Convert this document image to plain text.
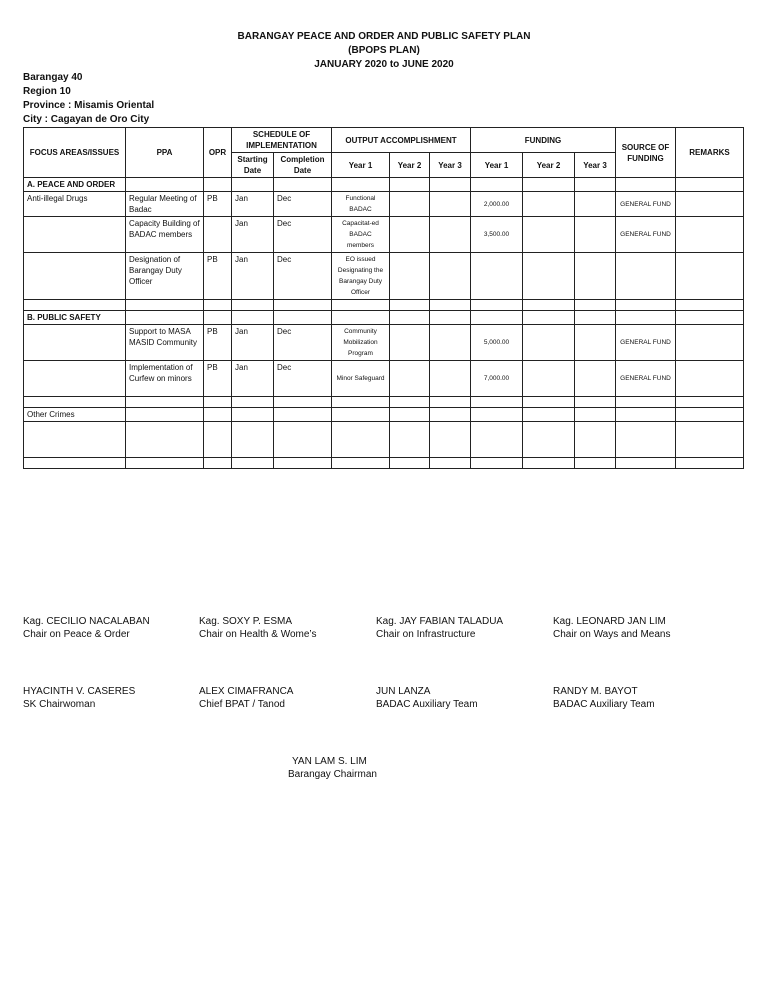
BARANGAY PEACE AND ORDER AND PUBLIC SAFETY PLAN
(BPOPS PLAN)
JANUARY 2020 to JUNE 2020
Barangay 40
Region 10
Province : Misamis Oriental
City : Cagayan de Oro City
FOCUS AREAS/ISSUES	PPA	OPR	SCHEDULE OF IMPLEMENTATION		OUTPUT ACCOMPLISHMENT			FUNDING			SOURCE OF FUNDING	REMARKS
			Starting Date	Completion Date	Year 1	Year 2	Year 3	Year 1	Year 2	Year 3		
A. PEACE AND ORDER												
Anti-illegal Drugs	Regular Meeting of Badac	PB	Jan	Dec	Functional BADAC			2,000.00			GENERAL FUND	
	Capacity Building of BADAC members		Jan	Dec	Capacitat-ed BADAC members			3,500.00			GENERAL FUND	
	Designation of Barangay Duty Officer	PB	Jan	Dec	EO issued Designating the Barangay Duty Officer							

B. PUBLIC SAFETY												
	Support to MASA MASID Community	PB	Jan	Dec	Community Mobilization Program			5,000.00			GENERAL FUND	
	Implementation of Curfew on minors	PB	Jan	Dec	Minor Safeguard			7,000.00			GENERAL FUND	

Other Crimes												

Kag. CECILIO NACALABAN
Chair on Peace & Order
Kag. SOXY P. ESMA
Chair on Health & Wome’s
Kag. JAY FABIAN TALADUA
Chair on Infrastructure
Kag. LEONARD JAN LIM
Chair on Ways and Means
HYACINTH V. CASERES
SK Chairwoman
ALEX CIMAFRANCA
Chief BPAT / Tanod
JUN LANZA
BADAC Auxiliary Team
RANDY M. BAYOT
BADAC Auxiliary Team
YAN LAM S. LIM
Barangay Chairman
